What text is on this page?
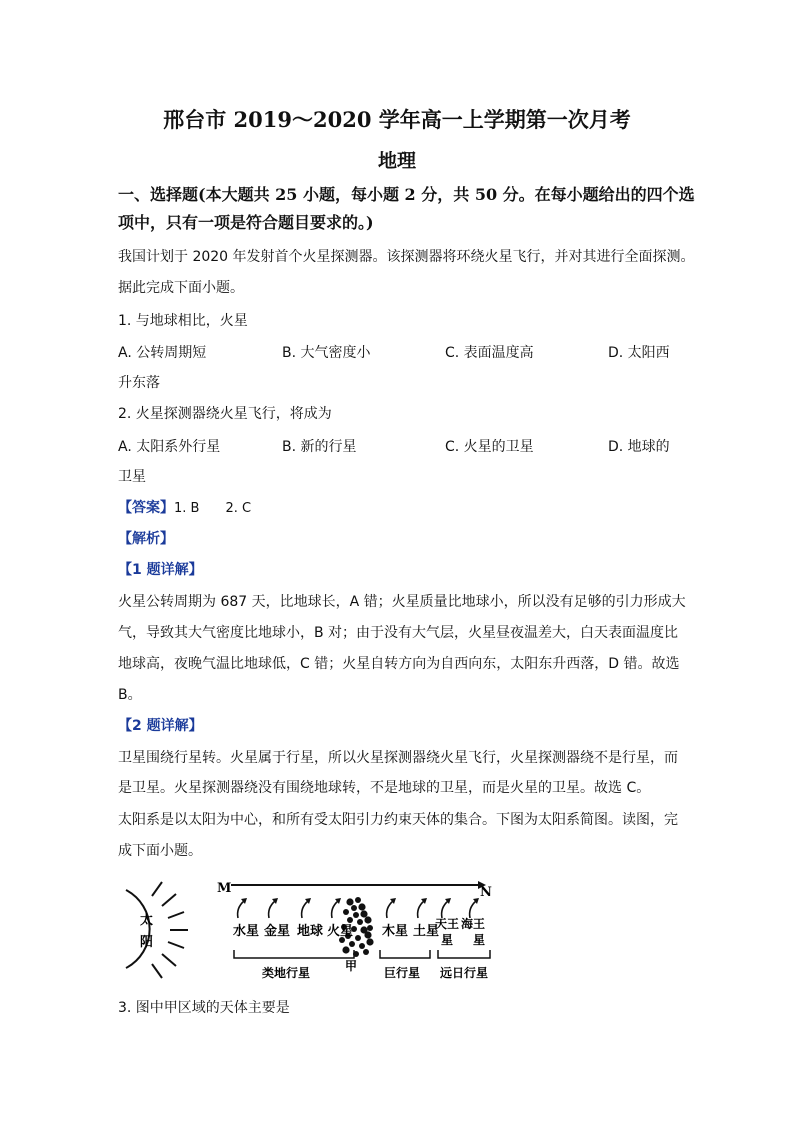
邢台市 2019～2020 学年高一上学期第一次月考
地理
一、选择题(本大题共 25 小题，每小题 2 分，共 50 分。在每小题给出的四个选
项中，只有一项是符合题目要求的。)
我国计划于 2020 年发射首个火星探测器。该探测器将环绕火星飞行，并对其进行全面探测。
据此完成下面小题。
1. 与地球相比，火星
A. 公转周期短	B. 大气密度小	C. 表面温度高	D. 太阳西
升东落
2. 火星探测器绕火星飞行，将成为
A. 太阳系外行星	B. 新的行星	C. 火星的卫星	D. 地球的
卫星
【答案】1. B　　2. C
【解析】
【1 题详解】
火星公转周期为 687 天，比地球长，A 错；火星质量比地球小，所以没有足够的引力形成大
气，导致其大气密度比地球小，B 对；由于没有大气层，火星昼夜温差大，白天表面温度比
地球高，夜晚气温比地球低，C 错；火星自转方向为自西向东，太阳东升西落，D 错。故选
B。
【2 题详解】
卫星围绕行星转。火星属于行星，所以火星探测器绕火星飞行，火星探测器绕不是行星，而
是卫星。火星探测器绕没有围绕地球转，不是地球的卫星，而是火星的卫星。故选 C。
太阳系是以太阳为中心，和所有受太阳引力约束天体的集合。下图为太阳系简图。读图，完
成下面小题。
太
阳
M	N
甲
水星 金星 地球 火星 木星 土星
天王
星
海王
星
类地行星	巨行星 远日行星
3. 图中甲区域的天体主要是
